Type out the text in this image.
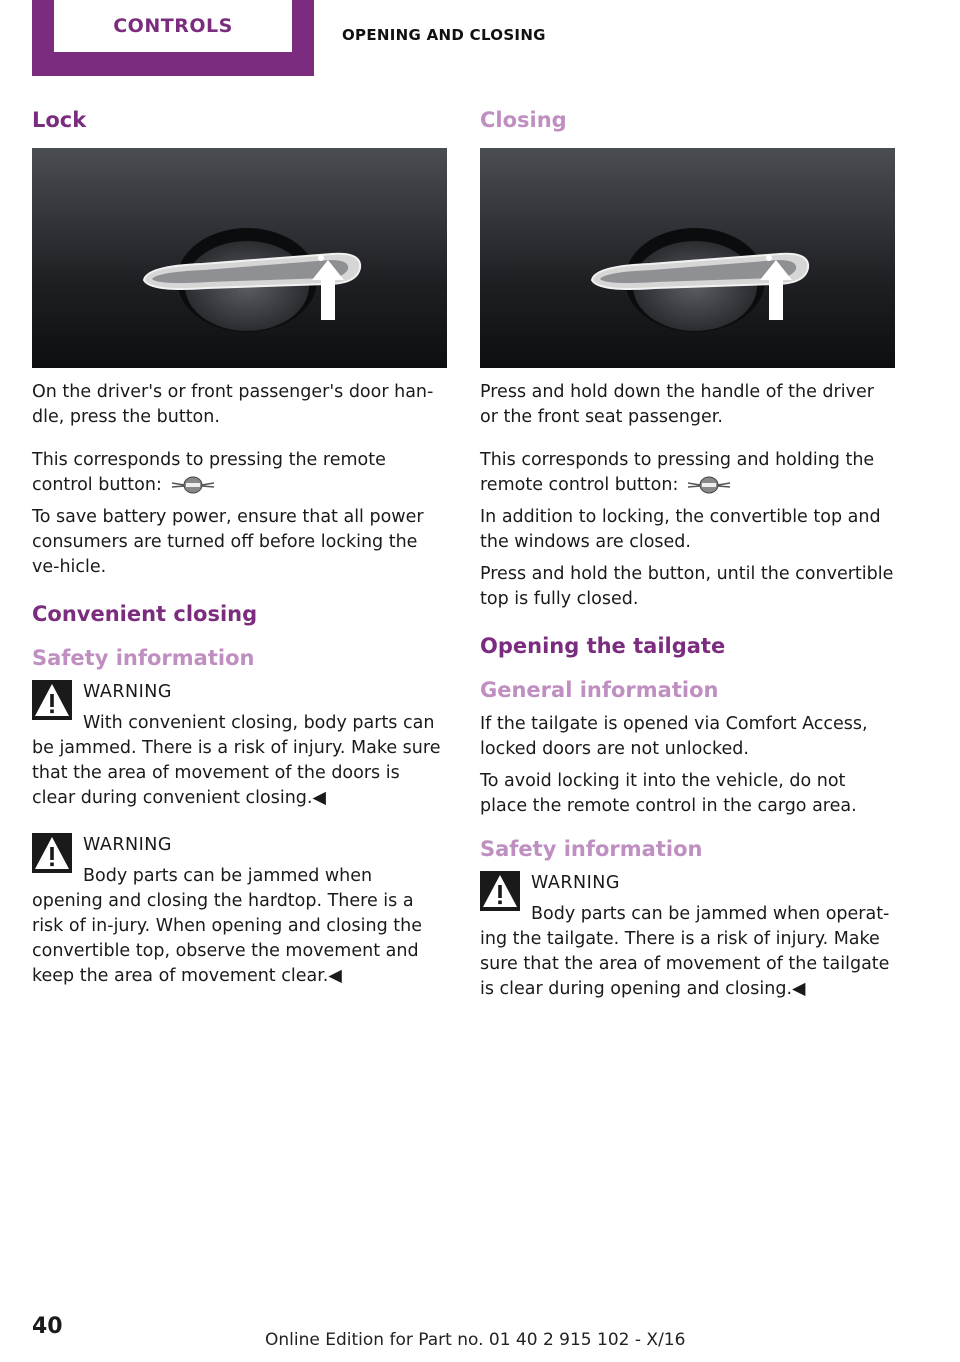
CONTROLS	OPENING AND CLOSING
Lock

On the driver's or front passenger's door han‐dle, press the button.

This corresponds to pressing the remote control button:

To save battery power, ensure that all power consumers are turned off before locking the ve‐hicle.

Convenient closing
Safety information
WARNING

With convenient closing, body parts can be jammed. There is a risk of injury. Make sure that the area of movement of the doors is clear during convenient closing.◀

WARNING

Body parts can be jammed when opening and closing the hardtop. There is a risk of in‐jury. When opening and closing the convertible top, observe the movement and keep the area of movement clear.◀

Closing

Press and hold down the handle of the driver or the front seat passenger.

This corresponds to pressing and holding the remote control button:

In addition to locking, the convertible top and the windows are closed.

Press and hold the button, until the convertible top is fully closed.

Opening the tailgate
General information

If the tailgate is opened via Comfort Access, locked doors are not unlocked.

To avoid locking it into the vehicle, do not place the remote control in the cargo area.

Safety information
WARNING

Body parts can be jammed when operat‐ing the tailgate. There is a risk of injury. Make sure that the area of movement of the tailgate is clear during opening and closing.◀

40
Online Edition for Part no. 01 40 2 915 102 - X/16
